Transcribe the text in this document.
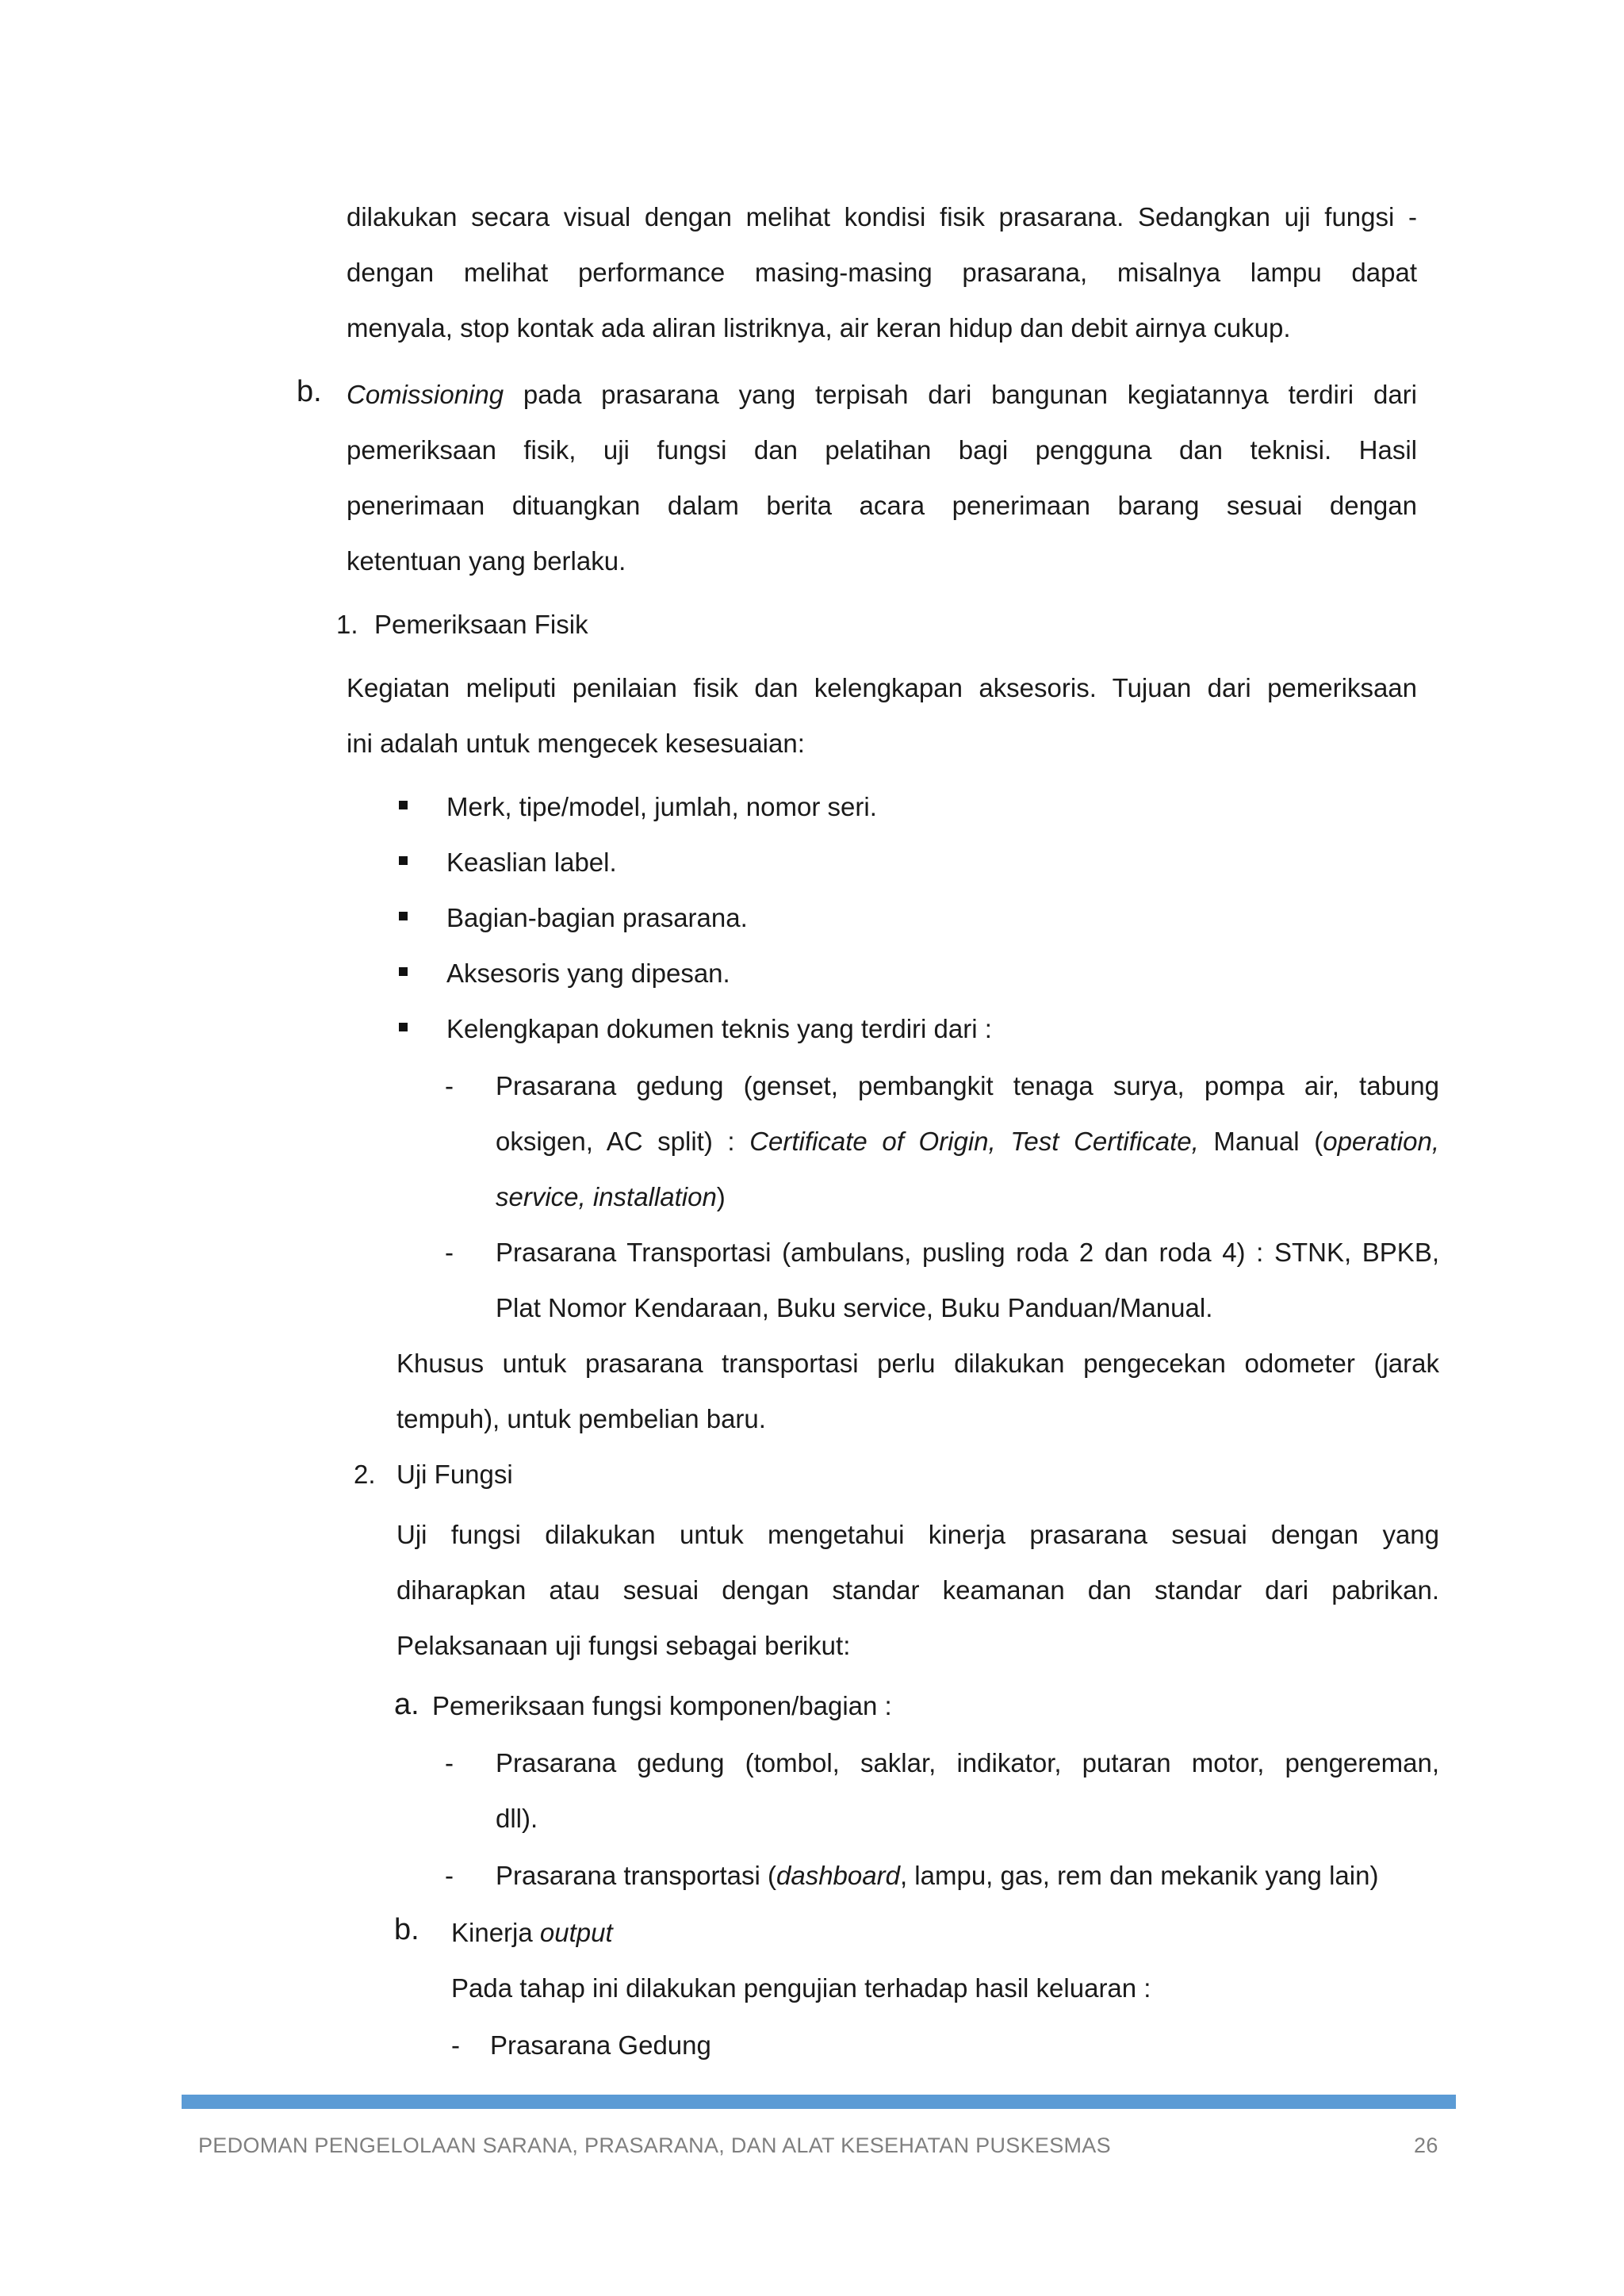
dilakukan secara visual dengan melihat kondisi fisik prasarana. Sedangkan uji fungsi -
dengan melihat performance masing-masing prasarana, misalnya lampu dapat
menyala, stop kontak ada aliran listriknya, air keran hidup dan debit airnya cukup.
b. Comissioning pada prasarana yang terpisah dari bangunan kegiatannya terdiri dari
pemeriksaan fisik, uji fungsi dan pelatihan bagi pengguna dan teknisi. Hasil
penerimaan dituangkan dalam berita acara penerimaan barang sesuai dengan
ketentuan yang berlaku.
1. Pemeriksaan Fisik
Kegiatan meliputi penilaian fisik dan kelengkapan aksesoris. Tujuan dari pemeriksaan
ini adalah untuk mengecek kesesuaian:
Merk, tipe/model, jumlah, nomor seri.
Keaslian label.
Bagian-bagian prasarana.
Aksesoris yang dipesan.
Kelengkapan dokumen teknis yang terdiri dari :
- Prasarana gedung (genset, pembangkit tenaga surya, pompa air, tabung
oksigen, AC split) : Certificate of Origin, Test Certificate, Manual (operation,
service, installation)
- Prasarana Transportasi (ambulans, pusling roda 2 dan roda 4) : STNK, BPKB,
Plat Nomor Kendaraan, Buku service, Buku Panduan/Manual.
Khusus untuk prasarana transportasi perlu dilakukan pengecekan odometer (jarak
tempuh), untuk pembelian baru.
2. Uji Fungsi
Uji fungsi dilakukan untuk mengetahui kinerja prasarana sesuai dengan yang
diharapkan atau sesuai dengan standar keamanan dan standar dari pabrikan.
Pelaksanaan uji fungsi sebagai berikut:
a. Pemeriksaan fungsi komponen/bagian :
- Prasarana gedung (tombol, saklar, indikator, putaran motor, pengereman,
dll).
- Prasarana transportasi (dashboard, lampu, gas, rem dan mekanik yang lain)
b. Kinerja output
Pada tahap ini dilakukan pengujian terhadap hasil keluaran :
- Prasarana Gedung
PEDOMAN PENGELOLAAN SARANA, PRASARANA, DAN ALAT KESEHATAN PUSKESMAS	26
